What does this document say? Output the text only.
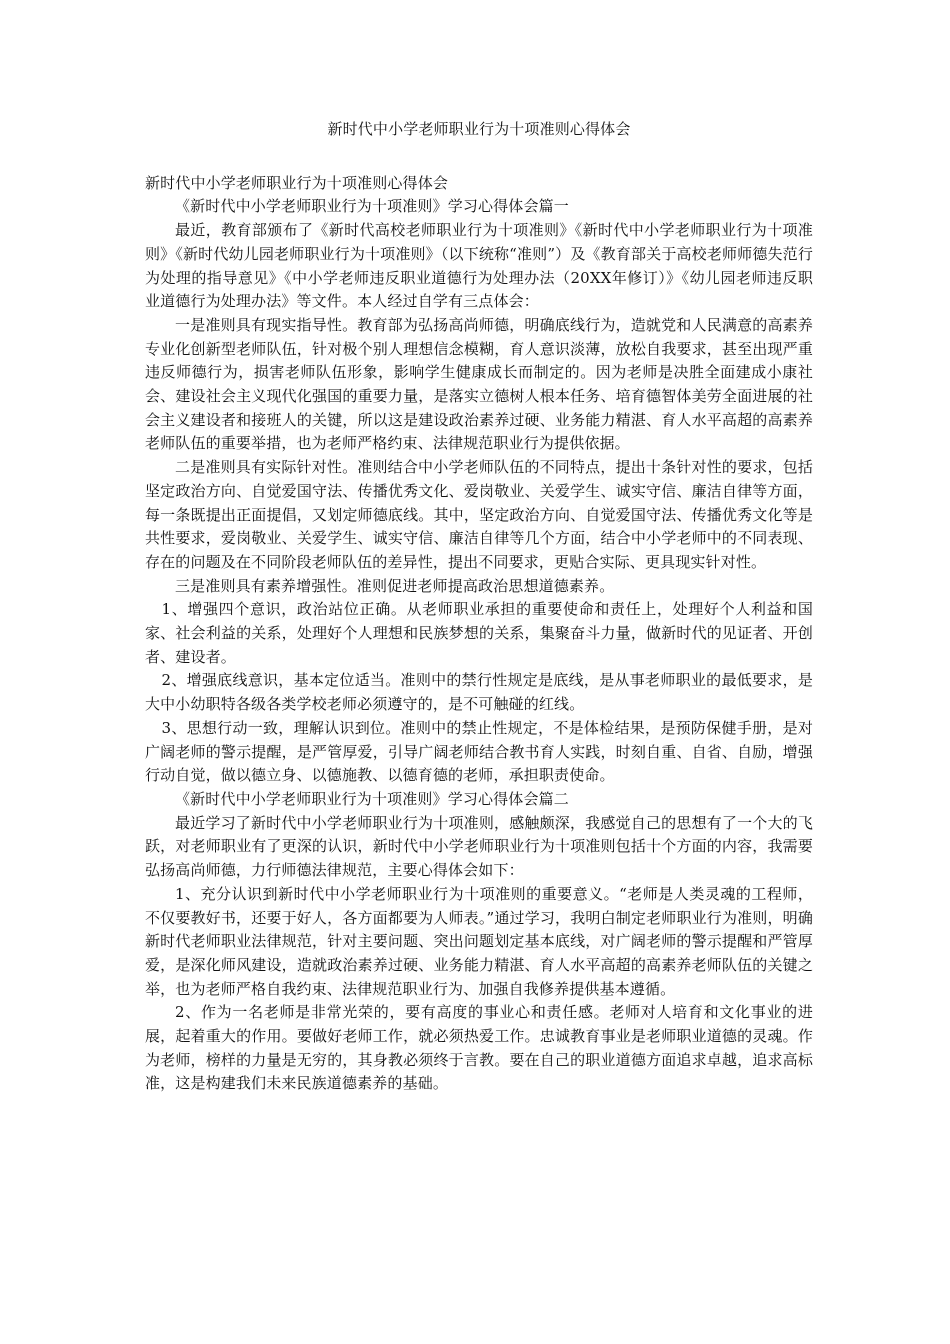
新时代中小学老师职业行为十项准则心得体会

新时代中小学老师职业行为十项准则心得体会

《新时代中小学老师职业行为十项准则》学习心得体会篇一

最近，教育部颁布了《新时代高校老师职业行为十项准则》《新时代中小学老师职业行为十项准则》《新时代幼儿园老师职业行为十项准则》（以下统称“准则”）及《教育部关于高校老师师德失范行为处理的指导意见》《中小学老师违反职业道德行为处理办法（20XX年修订）》《幼儿园老师违反职业道德行为处理办法》等文件。本人经过自学有三点体会：

一是准则具有现实指导性。教育部为弘扬高尚师德，明确底线行为，造就党和人民满意的高素养专业化创新型老师队伍，针对极个别人理想信念模糊，育人意识淡薄，放松自我要求，甚至出现严重违反师德行为，损害老师队伍形象，影响学生健康成长而制定的。因为老师是决胜全面建成小康社会、建设社会主义现代化强国的重要力量，是落实立德树人根本任务、培育德智体美劳全面进展的社会主义建设者和接班人的关键，所以这是建设政治素养过硬、业务能力精湛、育人水平高超的高素养老师队伍的重要举措，也为老师严格约束、法律规范职业行为提供依据。

二是准则具有实际针对性。准则结合中小学老师队伍的不同特点，提出十条针对性的要求，包括坚定政治方向、自觉爱国守法、传播优秀文化、爱岗敬业、关爱学生、诚实守信、廉洁自律等方面，每一条既提出正面提倡，又划定师德底线。其中，坚定政治方向、自觉爱国守法、传播优秀文化等是共性要求，爱岗敬业、关爱学生、诚实守信、廉洁自律等几个方面，结合中小学老师中的不同表现、存在的问题及在不同阶段老师队伍的差异性，提出不同要求，更贴合实际、更具现实针对性。

三是准则具有素养增强性。准则促进老师提高政治思想道德素养。

1、增强四个意识，政治站位正确。从老师职业承担的重要使命和责任上，处理好个人利益和国家、社会利益的关系，处理好个人理想和民族梦想的关系，集聚奋斗力量，做新时代的见证者、开创者、建设者。

2、增强底线意识，基本定位适当。准则中的禁行性规定是底线，是从事老师职业的最低要求，是大中小幼职特各级各类学校老师必须遵守的，是不可触碰的红线。

3、思想行动一致，理解认识到位。准则中的禁止性规定，不是体检结果，是预防保健手册，是对广阔老师的警示提醒，是严管厚爱，引导广阔老师结合教书育人实践，时刻自重、自省、自励，增强行动自觉，做以德立身、以德施教、以德育德的老师，承担职责使命。

《新时代中小学老师职业行为十项准则》学习心得体会篇二

最近学习了新时代中小学老师职业行为十项准则，感触颇深，我感觉自己的思想有了一个大的飞跃，对老师职业有了更深的认识，新时代中小学老师职业行为十项准则包括十个方面的内容，我需要弘扬高尚师德，力行师德法律规范，主要心得体会如下：

1、充分认识到新时代中小学老师职业行为十项准则的重要意义。“老师是人类灵魂的工程师，不仅要教好书，还要于好人，各方面都要为人师表。”通过学习，我明白制定老师职业行为准则，明确新时代老师职业法律规范，针对主要问题、突出问题划定基本底线，对广阔老师的警示提醒和严管厚爱，是深化师风建设，造就政治素养过硬、业务能力精湛、育人水平高超的高素养老师队伍的关键之举，也为老师严格自我约束、法律规范职业行为、加强自我修养提供基本遵循。

2、作为一名老师是非常光荣的，要有高度的事业心和责任感。老师对人培育和文化事业的进展，起着重大的作用。要做好老师工作，就必须热爱工作。忠诚教育事业是老师职业道德的灵魂。作为老师，榜样的力量是无穷的，其身教必须终于言教。要在自己的职业道德方面追求卓越，追求高标准，这是构建我们未来民族道德素养的基础。
